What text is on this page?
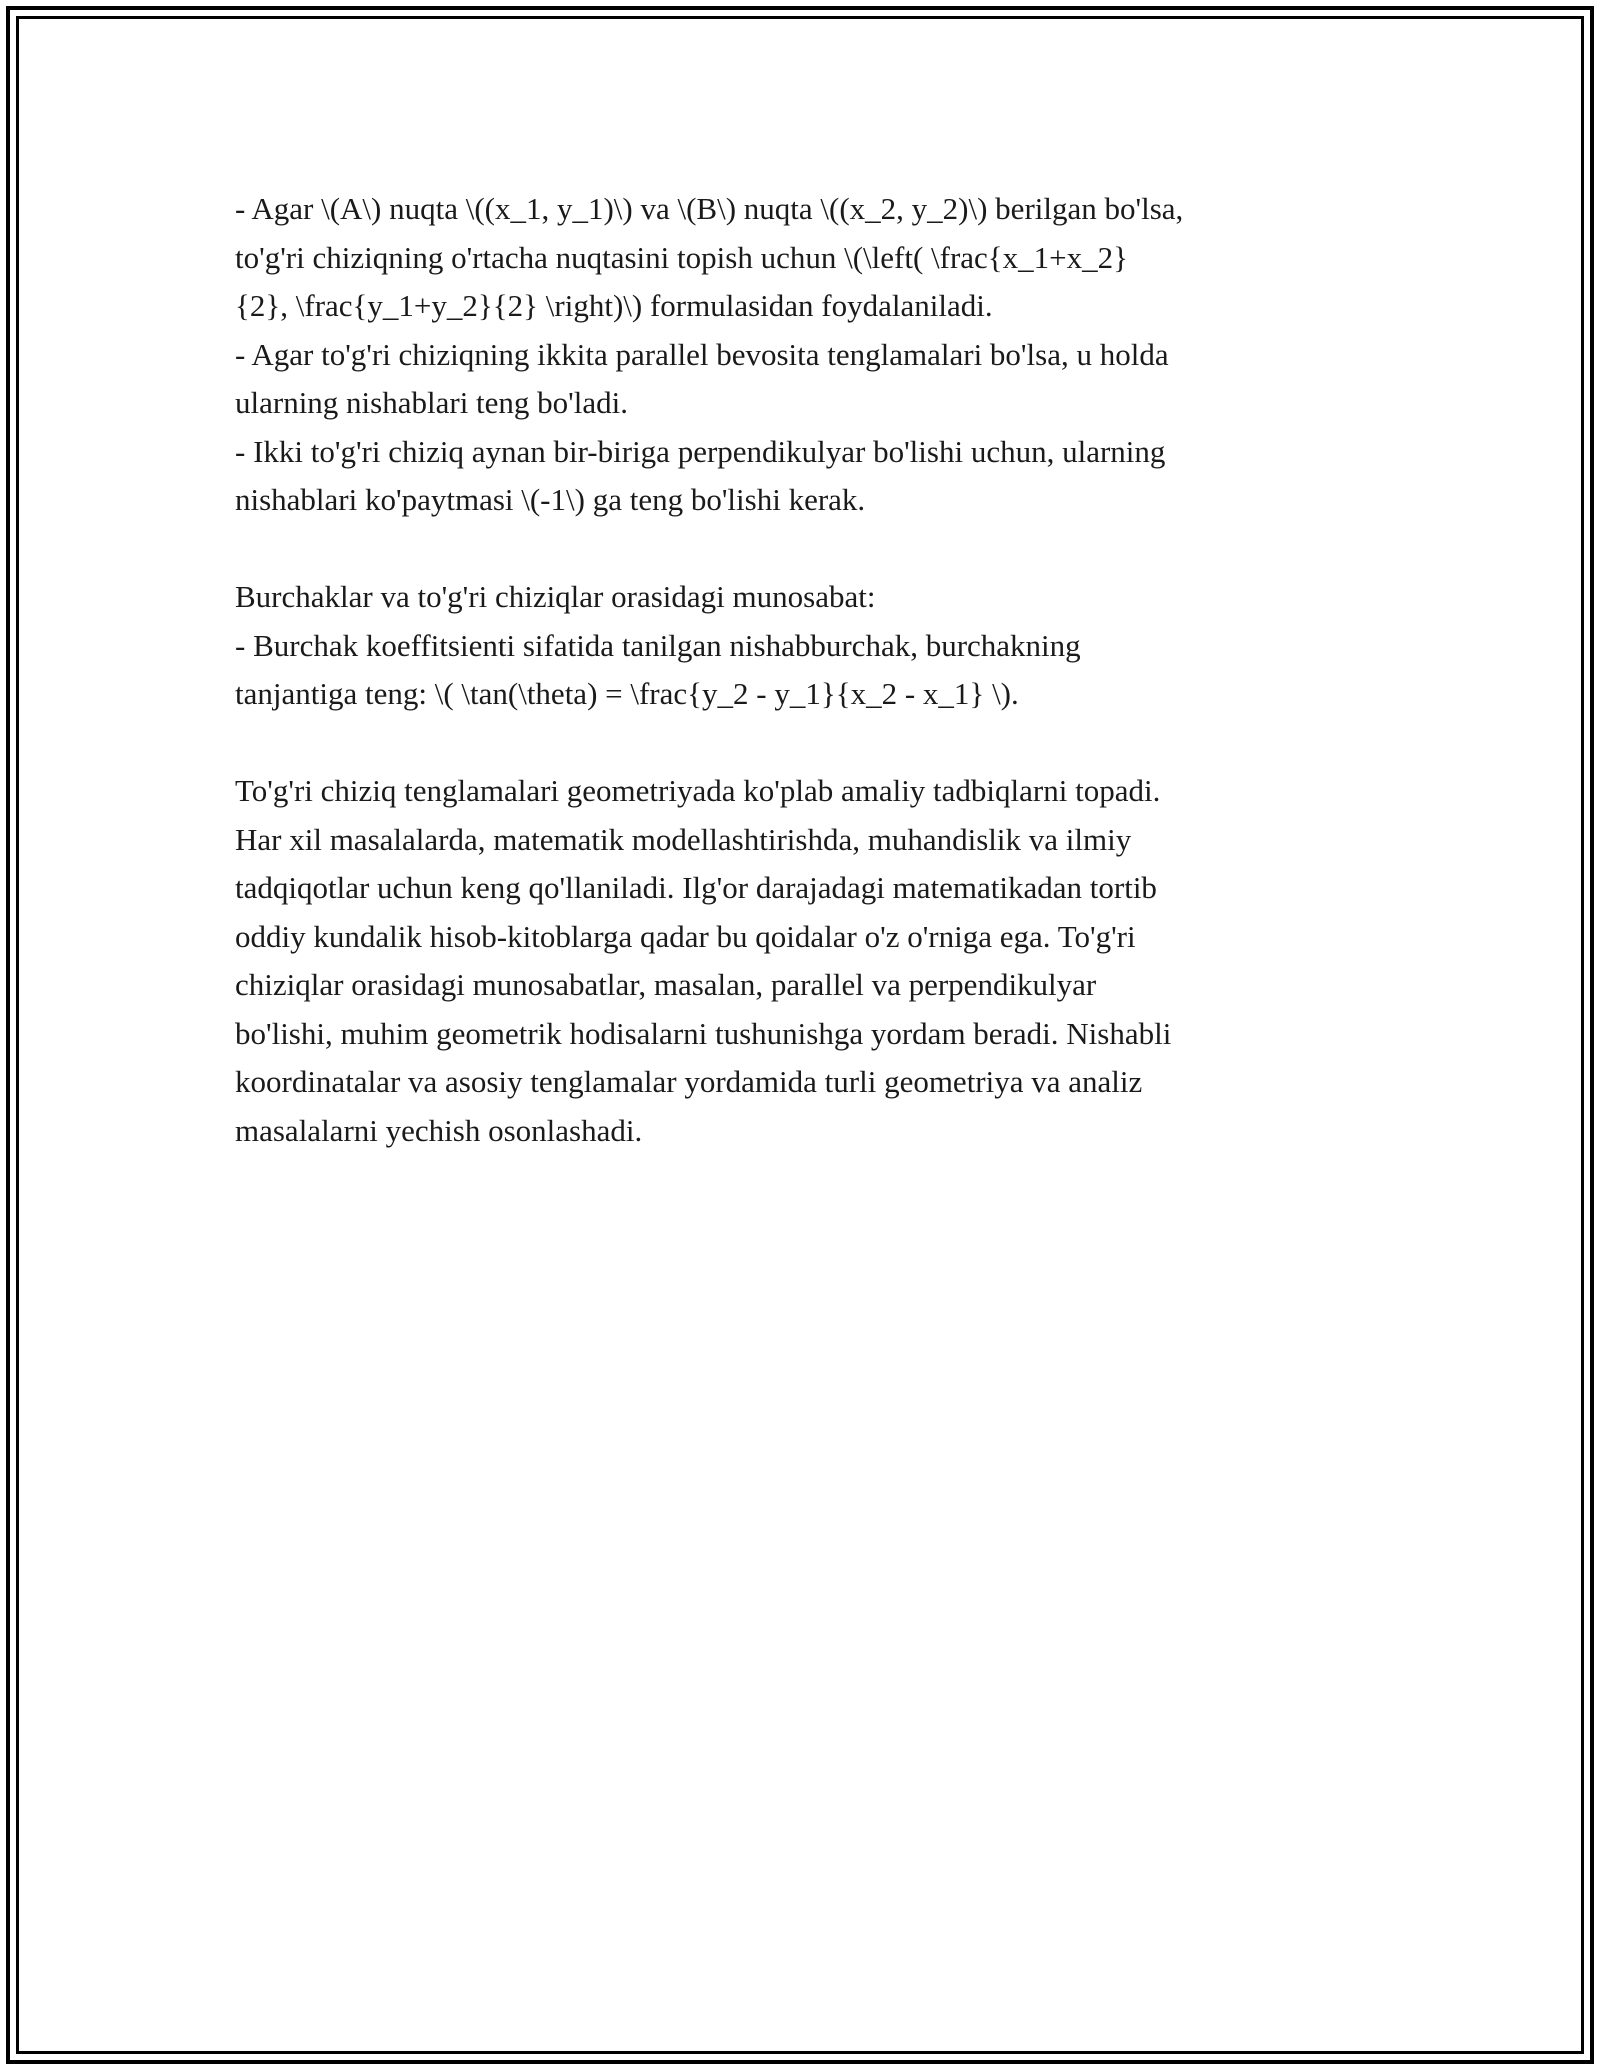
- Agar \(A\) nuqta \((x_1, y_1)\) va \(B\) nuqta \((x_2, y_2)\) berilgan bo'lsa,
to'g'ri chiziqning o'rtacha nuqtasini topish uchun \(\left( \frac{x_1+x_2}
{2}, \frac{y_1+y_2}{2} \right)\) formulasidan foydalaniladi.
- Agar to'g'ri chiziqning ikkita parallel bevosita tenglamalari bo'lsa, u holda
ularning nishablari teng bo'ladi.
- Ikki to'g'ri chiziq aynan bir-biriga perpendikulyar bo'lishi uchun, ularning
nishablari ko'paytmasi \(-1\) ga teng bo'lishi kerak.
Burchaklar va to'g'ri chiziqlar orasidagi munosabat:
- Burchak koeffitsienti sifatida tanilgan nishabburchak, burchakning
tanjantiga teng: \( \tan(\theta) = \frac{y_2 - y_1}{x_2 - x_1} \).
To'g'ri chiziq tenglamalari geometriyada ko'plab amaliy tadbiqlarni topadi.
Har xil masalalarda, matematik modellashtirishda, muhandislik va ilmiy
tadqiqotlar uchun keng qo'llaniladi. Ilg'or darajadagi matematikadan tortib
oddiy kundalik hisob-kitoblarga qadar bu qoidalar o'z o'rniga ega. To'g'ri
chiziqlar orasidagi munosabatlar, masalan, parallel va perpendikulyar
bo'lishi, muhim geometrik hodisalarni tushunishga yordam beradi. Nishabli
koordinatalar va asosiy tenglamalar yordamida turli geometriya va analiz
masalalarni yechish osonlashadi.
